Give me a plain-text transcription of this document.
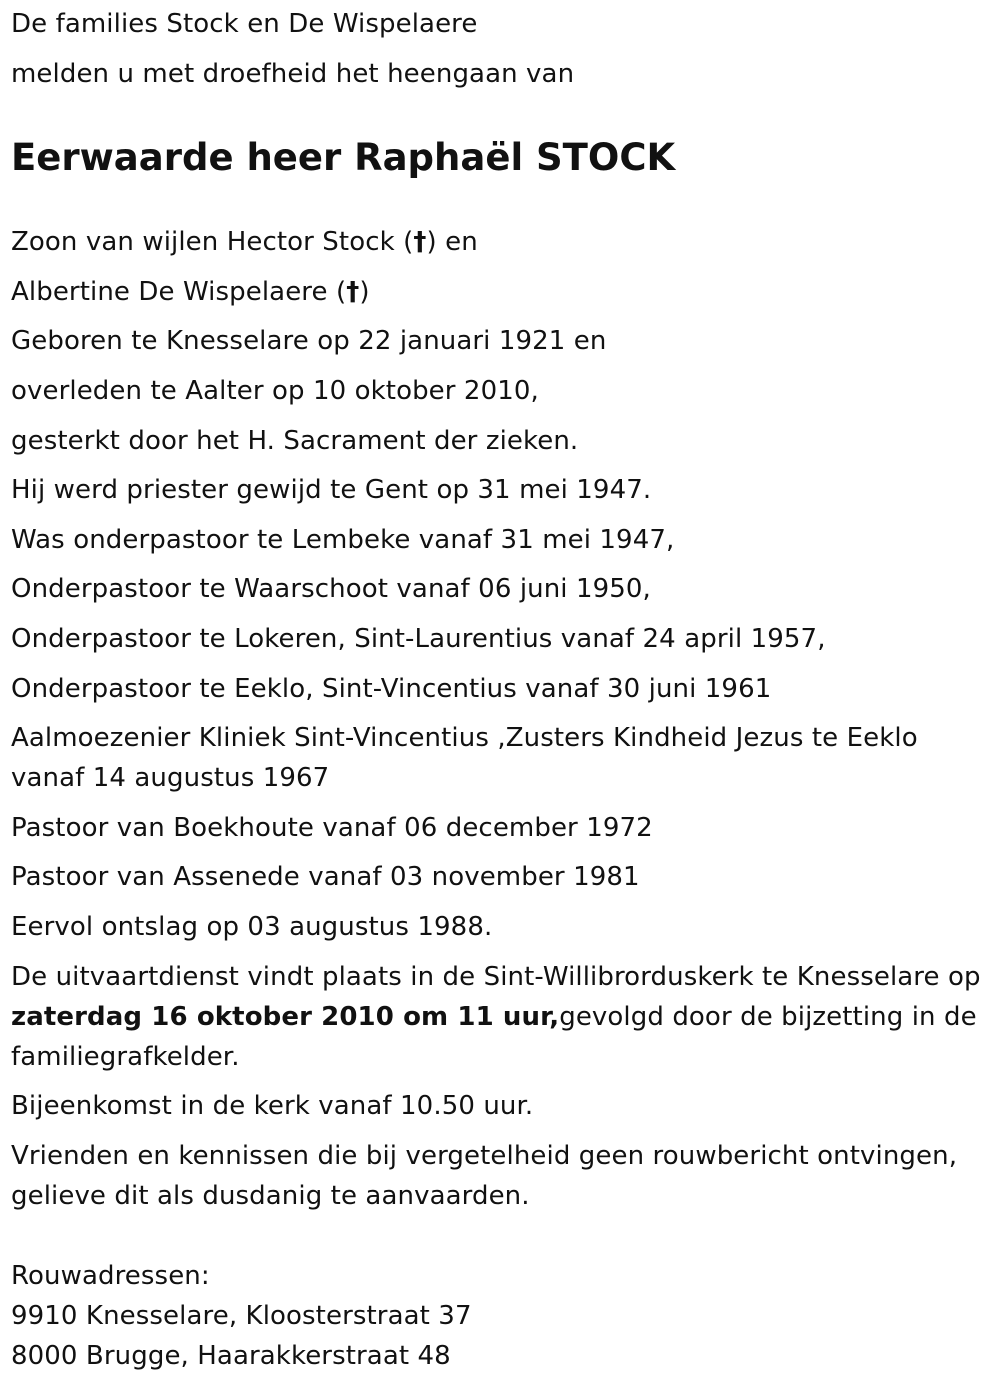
De families Stock en De Wispelaere
melden u met droefheid het heengaan van
Eerwaarde heer Raphaël STOCK
Zoon van wijlen Hector Stock (†) en
Albertine De Wispelaere (†)
Geboren te Knesselare op 22 januari 1921 en
overleden te Aalter op 10 oktober 2010,
gesterkt door het H. Sacrament der zieken.
Hij werd priester gewijd te Gent op 31 mei 1947.
Was onderpastoor te Lembeke vanaf 31 mei 1947,
Onderpastoor te Waarschoot vanaf 06 juni 1950,
Onderpastoor te Lokeren, Sint-Laurentius vanaf 24 april 1957,
Onderpastoor te Eeklo, Sint-Vincentius vanaf 30 juni 1961
Aalmoezenier Kliniek Sint-Vincentius ,Zusters Kindheid Jezus te Eeklo vanaf 14 augustus 1967
Pastoor van Boekhoute vanaf 06 december 1972
Pastoor van Assenede vanaf 03 november 1981
Eervol ontslag op 03 augustus 1988.
De uitvaartdienst vindt plaats in de Sint-Willibrorduskerk te Knesselare op zaterdag 16 oktober 2010 om 11 uur,gevolgd door de bijzetting in de familiegrafkelder.
Bijeenkomst in de kerk vanaf 10.50 uur.
Vrienden en kennissen die bij vergetelheid geen rouwbericht ontvingen, gelieve dit als dusdanig te aanvaarden.
Rouwadressen:
9910 Knesselare, Kloosterstraat 37
8000 Brugge, Haarakkerstraat 48
